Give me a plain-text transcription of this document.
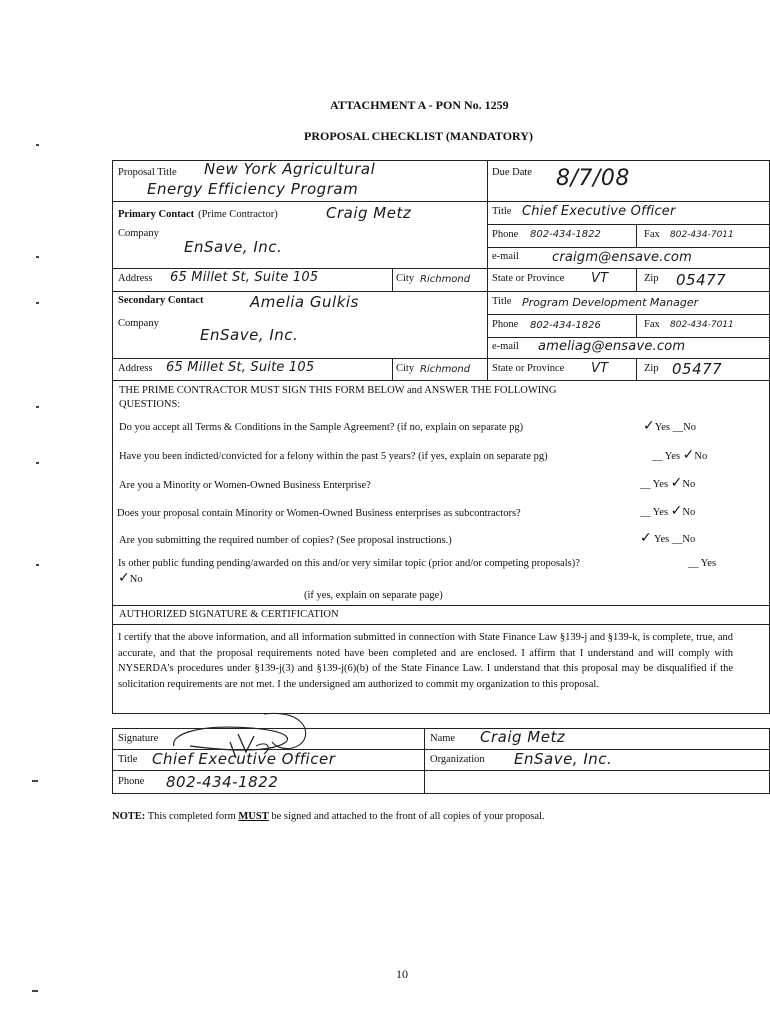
ATTACHMENT A - PON No. 1259
PROPOSAL CHECKLIST (MANDATORY)
Proposal Title New York Agricultural
Energy Efficiency Program
Due Date 8/7/08
Primary Contact (Prime Contractor)	Craig Metz	Title Chief Executive Officer
Company
EnSave, Inc.
Phone 802-434-1822	Fax 802-434-7011
e-mail	craigm@ensave.com
Address 65 Millet St, Suite 105	City Richmond State or Province VT	Zip 05477
Secondary Contact	Amelia Gulkis	Title Program Development Manager
Company
EnSave, Inc.
Phone 802-434-1826	Fax 802-434-7011
e-mail ameliag@ensave.com
Address 65 Millet St, Suite 105	City Richmond State or Province VT	Zip 05477
THE PRIME CONTRACTOR MUST SIGN THIS FORM BELOW and ANSWER THE FOLLOWING
QUESTIONS:
Do you accept all Terms & Conditions in the Sample Agreement? (if no, explain on separate pg)	✓Yes __No
Have you been indicted/convicted for a felony within the past 5 years? (if yes, explain on separate pg)	__ Yes ✓No
Are you a Minority or Women-Owned Business Enterprise?	__ Yes ✓No
Does your proposal contain Minority or Women-Owned Business enterprises as subcontractors?	__ Yes ✓No
Are you submitting the required number of copies? (See proposal instructions.)	✓ Yes __No
Is other public funding pending/awarded on this and/or very similar topic (prior and/or competing proposals)?	__ Yes
✓No
(if yes, explain on separate page)
AUTHORIZED SIGNATURE & CERTIFICATION
I certify that the above information, and all information submitted in connection with State Finance Law §139-j and §139-k, is complete, true, and accurate, and that the proposal requirements noted have been completed and are enclosed. I affirm that I understand and will comply with NYSERDA's procedures under §139-j(3) and §139-j(6)(b) of the State Finance Law. I understand that this proposal may be disqualified if the solicitation requirements are not met. I the undersigned am authorized to commit my organization to this proposal.
Signature	Name Craig Metz
Title Chief Executive Officer	Organization EnSave, Inc.
Phone 802-434-1822
NOTE: This completed form MUST be signed and attached to the front of all copies of your proposal.
10
